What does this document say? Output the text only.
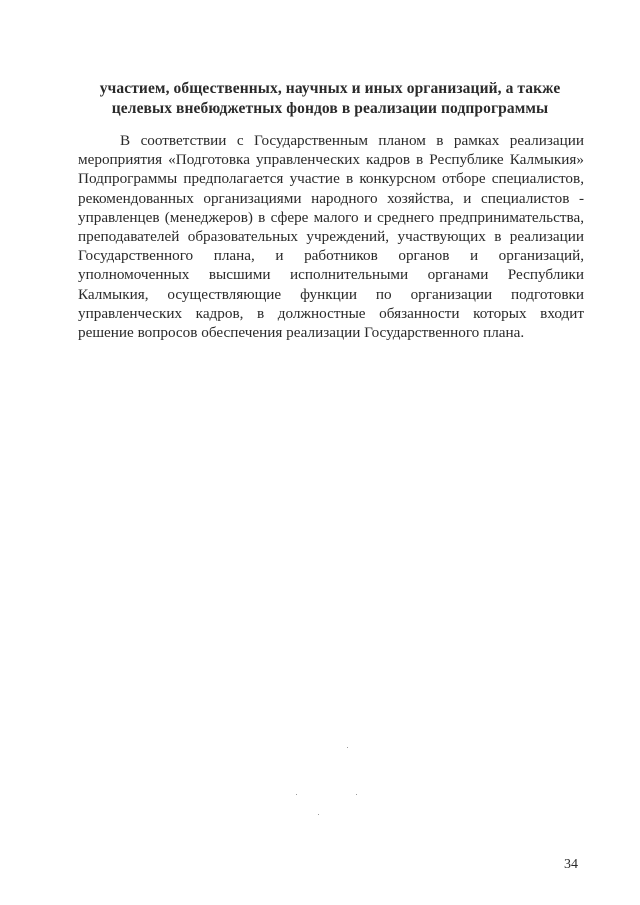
участием, общественных, научных и иных организаций, а также
целевых внебюджетных фондов в реализации подпрограммы
В соответствии с Государственным планом в рамках реализации
мероприятия «Подготовка управленческих кадров в Республике Калмыкия»
Подпрограммы предполагается участие в конкурсном отборе специалистов,
рекомендованных организациями народного хозяйства, и специалистов -
управленцев (менеджеров) в сфере малого и среднего предпринимательства,
преподавателей образовательных учреждений, участвующих в реализации
Государственного плана, и работников органов и организаций,
уполномоченных высшими исполнительными органами Республики
Калмыкия, осуществляющие функции по организации подготовки
управленческих кадров, в должностные обязанности которых входит
решение вопросов обеспечения реализации Государственного плана.
34
